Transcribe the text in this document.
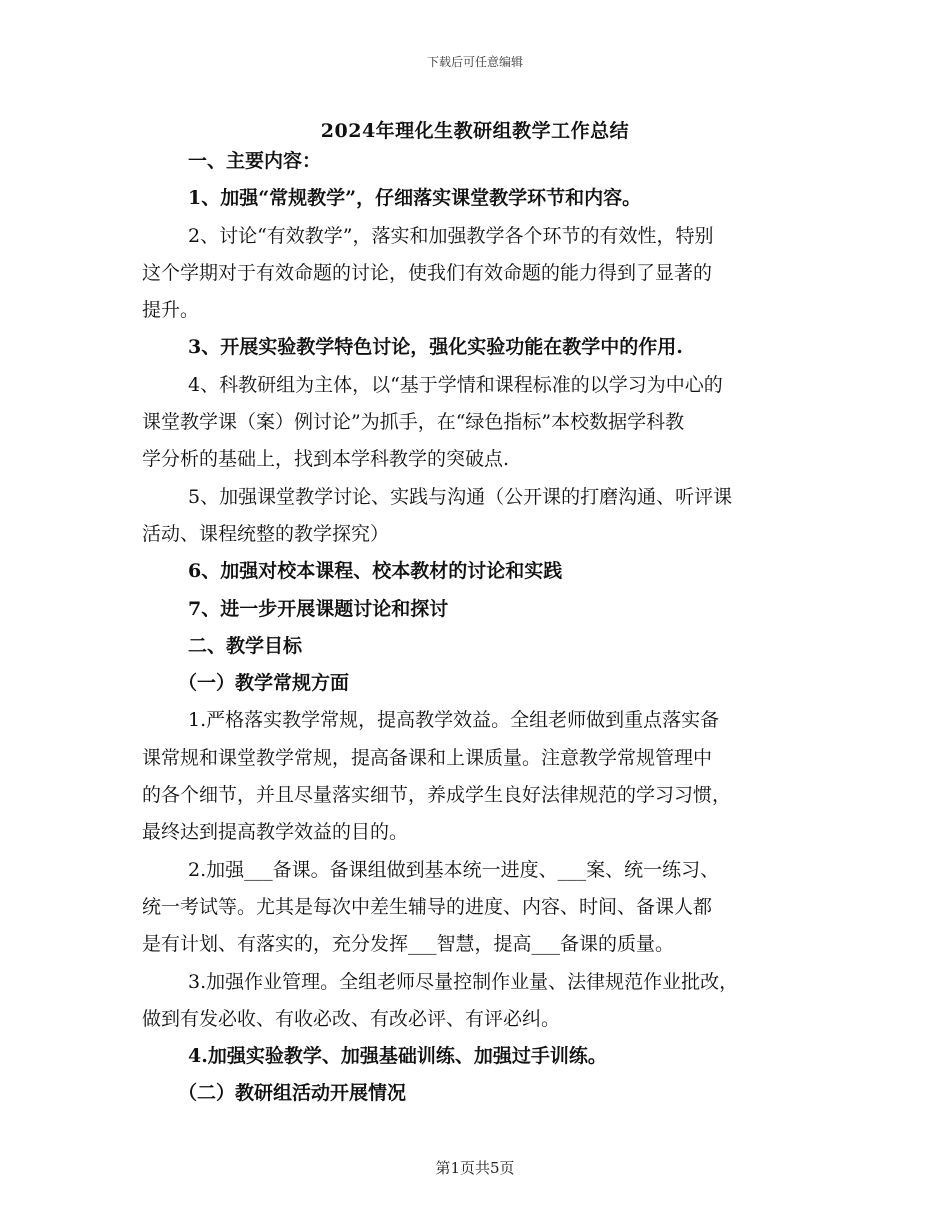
下载后可任意编辑
2024年理化生教研组教学工作总结
一、主要内容：
1、加强“常规教学”，仔细落实课堂教学环节和内容。
2、讨论“有效教学”，落实和加强教学各个环节的有效性，特别
这个学期对于有效命题的讨论，使我们有效命题的能力得到了显著的
提升。
3、开展实验教学特色讨论，强化实验功能在教学中的作用.
4、科教研组为主体，以“基于学情和课程标准的以学习为中心的
课堂教学课（案）例讨论”为抓手，在“绿色指标”本校数据学科教
学分析的基础上，找到本学科教学的突破点.
5、加强课堂教学讨论、实践与沟通（公开课的打磨沟通、听评课
活动、课程统整的教学探究）
6、加强对校本课程、校本教材的讨论和实践
7、进一步开展课题讨论和探讨
二、教学目标
（一）教学常规方面
1.严格落实教学常规，提高教学效益。全组老师做到重点落实备
课常规和课堂教学常规，提高备课和上课质量。注意教学常规管理中
的各个细节，并且尽量落实细节，养成学生良好法律规范的学习习惯，
最终达到提高教学效益的目的。
2.加强___备课。备课组做到基本统一进度、___案、统一练习、
统一考试等。尤其是每次中差生辅导的进度、内容、时间、备课人都
是有计划、有落实的，充分发挥___智慧，提高___备课的质量。
3.加强作业管理。全组老师尽量控制作业量、法律规范作业批改，
做到有发必收、有收必改、有改必评、有评必纠。
4.加强实验教学、加强基础训练、加强过手训练。
（二）教研组活动开展情况
第1页共5页
